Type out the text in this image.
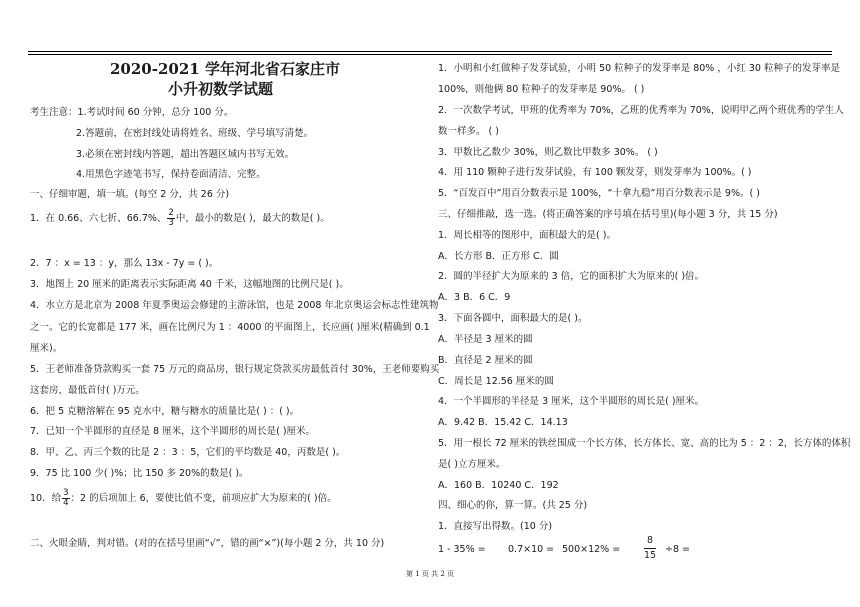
2020-2021 学年河北省石家庄市
小升初数学试题
考生注意：1.考试时间 60 分钟，总分 100 分。
2.答题前，在密封线处请将姓名、班级、学号填写清楚。
3.必须在密封线内答题，超出答题区域内书写无效。
4.用黑色字迹笔书写，保持卷面清洁、完整。
一、仔细审题，填一填。(每空 2 分，共 26 分)
1．在 0.66、六七折、66.7%、 $\frac{2}{3}$ 中，最小的数是( )，最大的数是( )。
2．7 ：x = 13 ：y，那么 13x - 7y = ( )。
3．地图上 20 厘米的距离表示实际距离 40 千米，这幅地图的比例尺是( )。
4．水立方是北京为 2008 年夏季奥运会修建的主游泳馆，也是 2008 年北京奥运会标志性建筑物
之一。它的长宽都是 177 米，画在比例尺为 1 ：4000 的平面图上，长应画( )厘米(精确到 0.1
厘米)。
5．王老师准备贷款购买一套 75 万元的商品房，银行规定贷款买房最低首付 30%，王老师要购买
这套房，最低首付( )万元。
6．把 5 克糖溶解在 95 克水中，糖与糖水的质量比是( ) ：( )。
7．已知一个半圆形的直径是 8 厘米，这个半圆形的周长是( )厘米。
8．甲、乙、丙三个数的比是 2 ：3 ：5，它们的平均数是 40，丙数是( )。
9．75 比 100 少( )%；比 150 多 20%的数是( )。
10．给 $\frac{3}{4}$ ：2 的后项加上 6，要使比值不变，前项应扩大为原来的( )倍。
二、火眼金睛，判对错。(对的在括号里画“√”，错的画“×”)(每小题 2 分，共 10 分)
1．小明和小红做种子发芽试验，小明 50 粒种子的发芽率是 80% ，小红 30 粒种子的发芽率是
100%，则他俩 80 粒种子的发芽率是 90%。 ( )
2．一次数学考试，甲班的优秀率为 70%，乙班的优秀率为 70%，说明甲乙两个班优秀的学生人
数一样多。 ( )
3．甲数比乙数少 30%，则乙数比甲数多 30%。 ( )
4．用 110 颗种子进行发芽试验，有 100 颗发芽，则发芽率为 100%。( )
5．“百发百中”用百分数表示是 100%，“十拿九稳”用百分数表示是 9%。( )
三、仔细推敲，选一选。(将正确答案的序号填在括号里)(每小题 3 分，共 15 分)
1．周长相等的图形中，面积最大的是( )。
A．长方形 B．正方形 C．圆
2．圆的半径扩大为原来的 3 倍，它的面积扩大为原来的( )倍。
A．3 B．6 C．9
3．下面各圆中，面积最大的是( )。
A．半径是 3 厘米的圆
B．直径是 2 厘米的圆
C．周长是 12.56 厘米的圆
4．一个半圆形的半径是 3 厘米，这个半圆形的周长是( )厘米。
A．9.42 B．15.42 C．14.13
5．用一根长 72 厘米的铁丝围成一个长方体，长方体长、宽、高的比为 5 ：2 ：2，长方体的体积
是( )立方厘米。
A．160 B．10240 C．192
四、细心的你，算一算。(共 25 分)
1．直接写出得数。(10 分)
1 - 35% = 0.7×10 = 500×12% =	$\frac{8}{15} \div 8$ =
第 1 页 共 2 页
